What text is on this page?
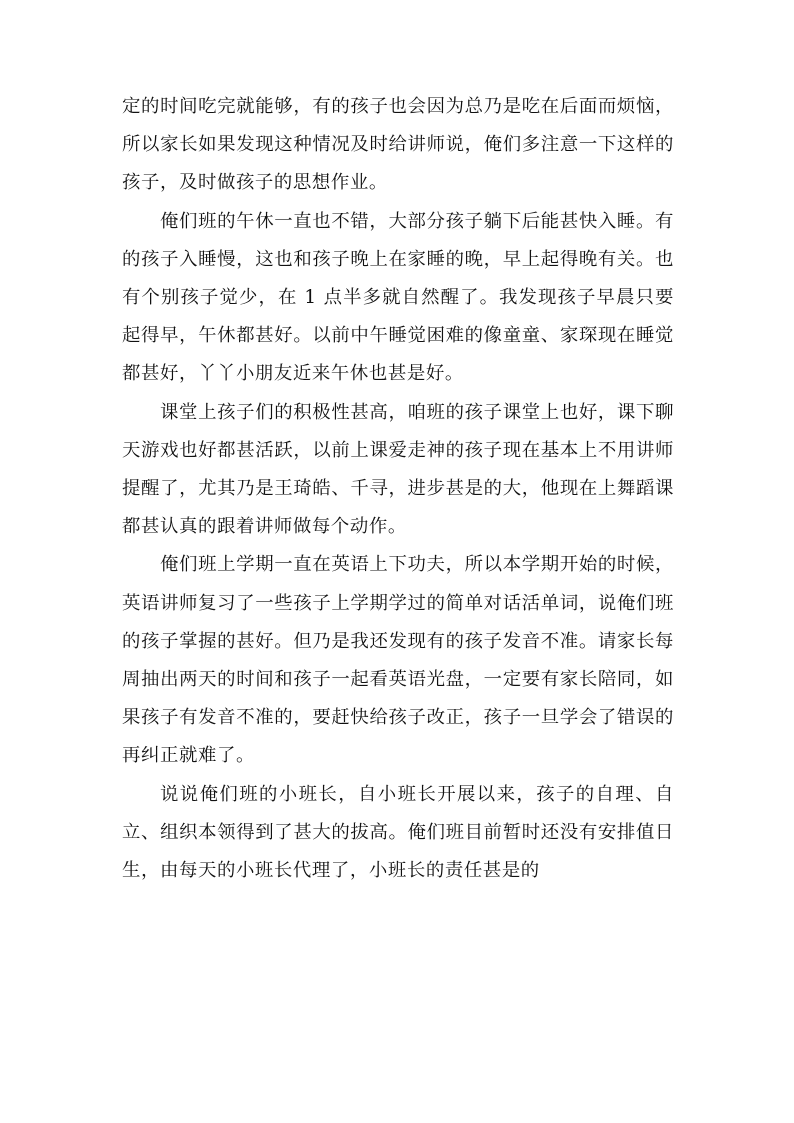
定的时间吃完就能够，有的孩子也会因为总乃是吃在后面而烦恼，所以家长如果发现这种情况及时给讲师说，俺们多注意一下这样的孩子，及时做孩子的思想作业。

俺们班的午休一直也不错，大部分孩子躺下后能甚快入睡。有的孩子入睡慢，这也和孩子晚上在家睡的晚，早上起得晚有关。也有个别孩子觉少，在 1 点半多就自然醒了。我发现孩子早晨只要起得早，午休都甚好。以前中午睡觉困难的像童童、家琛现在睡觉都甚好，丫丫小朋友近来午休也甚是好。

课堂上孩子们的积极性甚高，咱班的孩子课堂上也好，课下聊天游戏也好都甚活跃，以前上课爱走神的孩子现在基本上不用讲师提醒了，尤其乃是王琦皓、千寻，进步甚是的大，他现在上舞蹈课都甚认真的跟着讲师做每个动作。

俺们班上学期一直在英语上下功夫，所以本学期开始的时候，英语讲师复习了一些孩子上学期学过的简单对话活单词，说俺们班的孩子掌握的甚好。但乃是我还发现有的孩子发音不准。请家长每周抽出两天的时间和孩子一起看英语光盘，一定要有家长陪同，如果孩子有发音不准的，要赶快给孩子改正，孩子一旦学会了错误的再纠正就难了。

说说俺们班的小班长，自小班长开展以来，孩子的自理、自立、组织本领得到了甚大的拔高。俺们班目前暂时还没有安排值日生，由每天的小班长代理了，小班长的责任甚是的
